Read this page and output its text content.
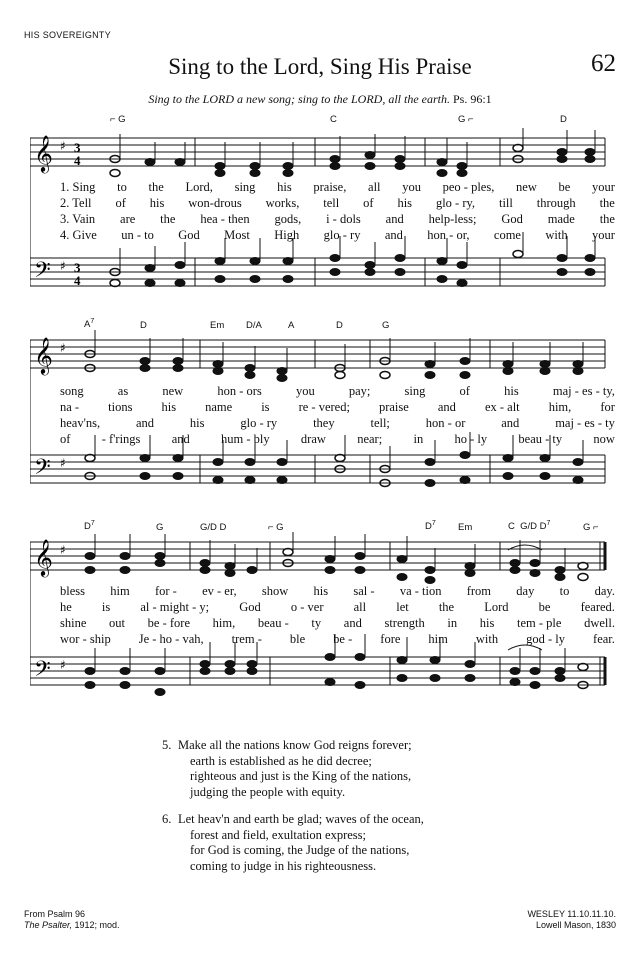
HIS SOVEREIGNTY
Sing to the Lord, Sing His Praise	62
Sing to the LORD a new song; sing to the LORD, all the earth. Ps. 96:1
⌐ G	C	G ⌐	D
𝄞
𝄢
♯
♯
3
4
3
4
1. Sing to the Lord, sing his praise, all you peo - ples, new be your
2. Tell of his won-drous works, tell of his glo - ry, till through the
3. Vain are the hea - then gods, i - dols and help-less; God made the
4. Give un - to God Most High glo - ry and hon - or, come with your
$A^7$	D	Em D/A	A	D	G
𝄞
𝄢
♯
♯
song	as	new	hon - ors	you	pay;	sing	of	his	maj - es - ty,
na - tions his name is re - vered; praise and ex - alt him, for
heav'ns,	and	his	glo - ry	they	tell;	hon - or	and	maj - es - ty
of	- f'rings	and	hum - bly	draw	near;	in	ho - ly	beau - ty	now
$D^7$	G	G/D D	⌐ G	$D^7$ Em	C  G/D $D^7$	G ⌐
𝄞
𝄢
♯
♯
bless him for - ev - er, show his sal - va - tion from day to day.
he is al - might - y; God o - ver all let the Lord be feared.
shine out be - fore him, beau - ty and strength in his tem - ple dwell.
wor - ship Je - ho - vah, trem - ble be - fore him with god - ly fear.
5. Make all the nations know God reigns forever;
earth is established as he did decree;
righteous and just is the King of the nations,
judging the people with equity.
6. Let heav'n and earth be glad; waves of the ocean,
forest and field, exultation express;
for God is coming, the Judge of the nations,
coming to judge in his righteousness.
From Psalm 96
The Psalter, 1912; mod.
WESLEY 11.10.11.10.
Lowell Mason, 1830
